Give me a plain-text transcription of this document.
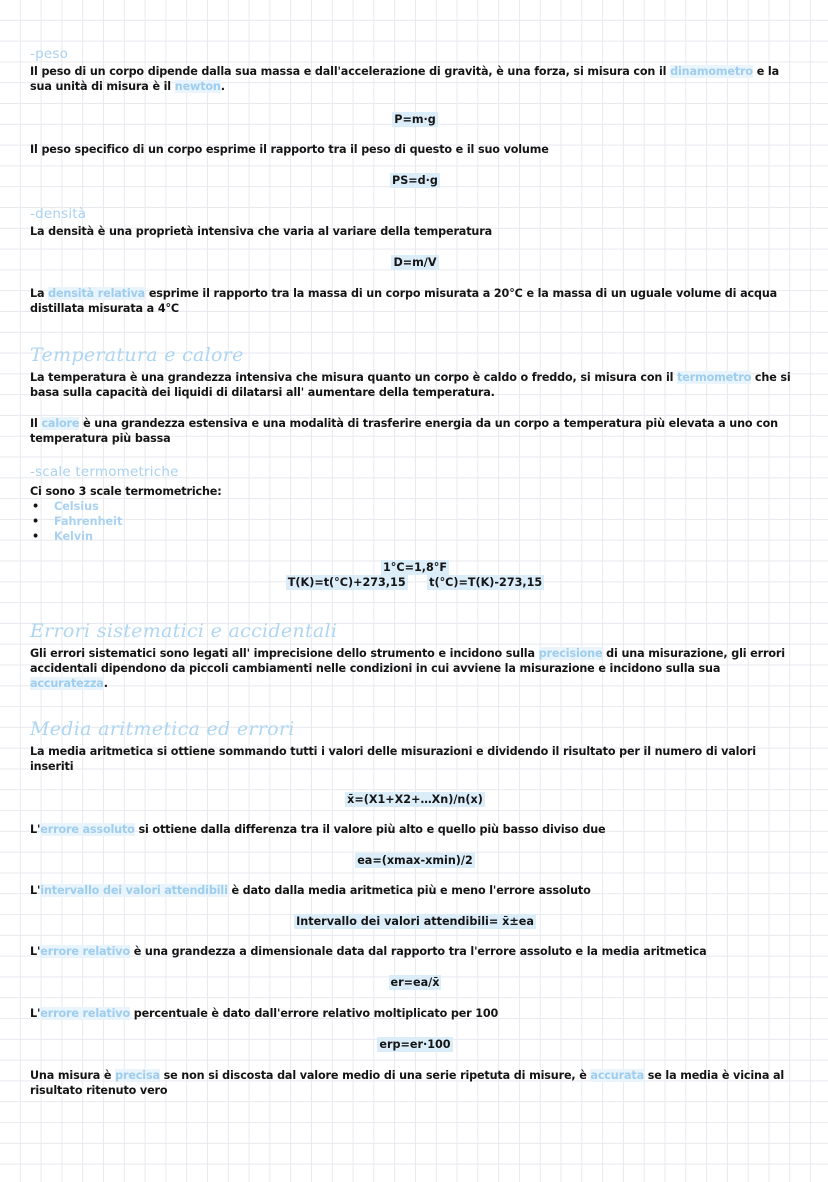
-peso

Il peso di un corpo dipende dalla sua massa e dall'accelerazione di gravità, è una forza, si misura con il dinamometro e la sua unità di misura è il newton.

P=m·g

Il peso specifico di un corpo esprime il rapporto tra il peso di questo e il suo volume

PS=d·g
-densità

La densità è una proprietà intensiva che varia al variare della temperatura

D=m/V

La densità relativa esprime il rapporto tra la massa di un corpo misurata a 20°C e la massa di un uguale volume di acqua distillata misurata a 4°C

Temperatura e calore

La temperatura è una grandezza intensiva che misura quanto un corpo è caldo o freddo, si misura con il termometro che si basa sulla capacità dei liquidi di dilatarsi all' aumentare della temperatura.

Il calore è una grandezza estensiva e una modalità di trasferire energia da un corpo a temperatura più elevata a uno con temperatura più bassa

-scale termometriche

Ci sono 3 scale termometriche:

• Celsius
• Fahrenheit
• Kelvin
1°C=1,8°F
T(K)=t(°C)+273,15 t(°C)=T(K)-273,15
Errori sistematici e accidentali

Gli errori sistematici sono legati all' imprecisione dello strumento e incidono sulla precisione di una misurazione, gli errori accidentali dipendono da piccoli cambiamenti nelle condizioni in cui avviene la misurazione e incidono sulla sua accuratezza.

Media aritmetica ed errori

La media aritmetica si ottiene sommando tutti i valori delle misurazioni e dividendo il risultato per il numero di valori inseriti

x̄=(X1+X2+…Xn)/n(x)

L'errore assoluto si ottiene dalla differenza tra il valore più alto e quello più basso diviso due

ea=(xmax-xmin)/2

L'intervallo dei valori attendibili è dato dalla media aritmetica più e meno l'errore assoluto

Intervallo dei valori attendibili= x̄±ea

L'errore relativo è una grandezza a dimensionale data dal rapporto tra l'errore assoluto e la media aritmetica

er=ea/x̄

L'errore relativo percentuale è dato dall'errore relativo moltiplicato per 100

erp=er·100

Una misura è precisa se non si discosta dal valore medio di una serie ripetuta di misure, è accurata se la media è vicina al risultato ritenuto vero
